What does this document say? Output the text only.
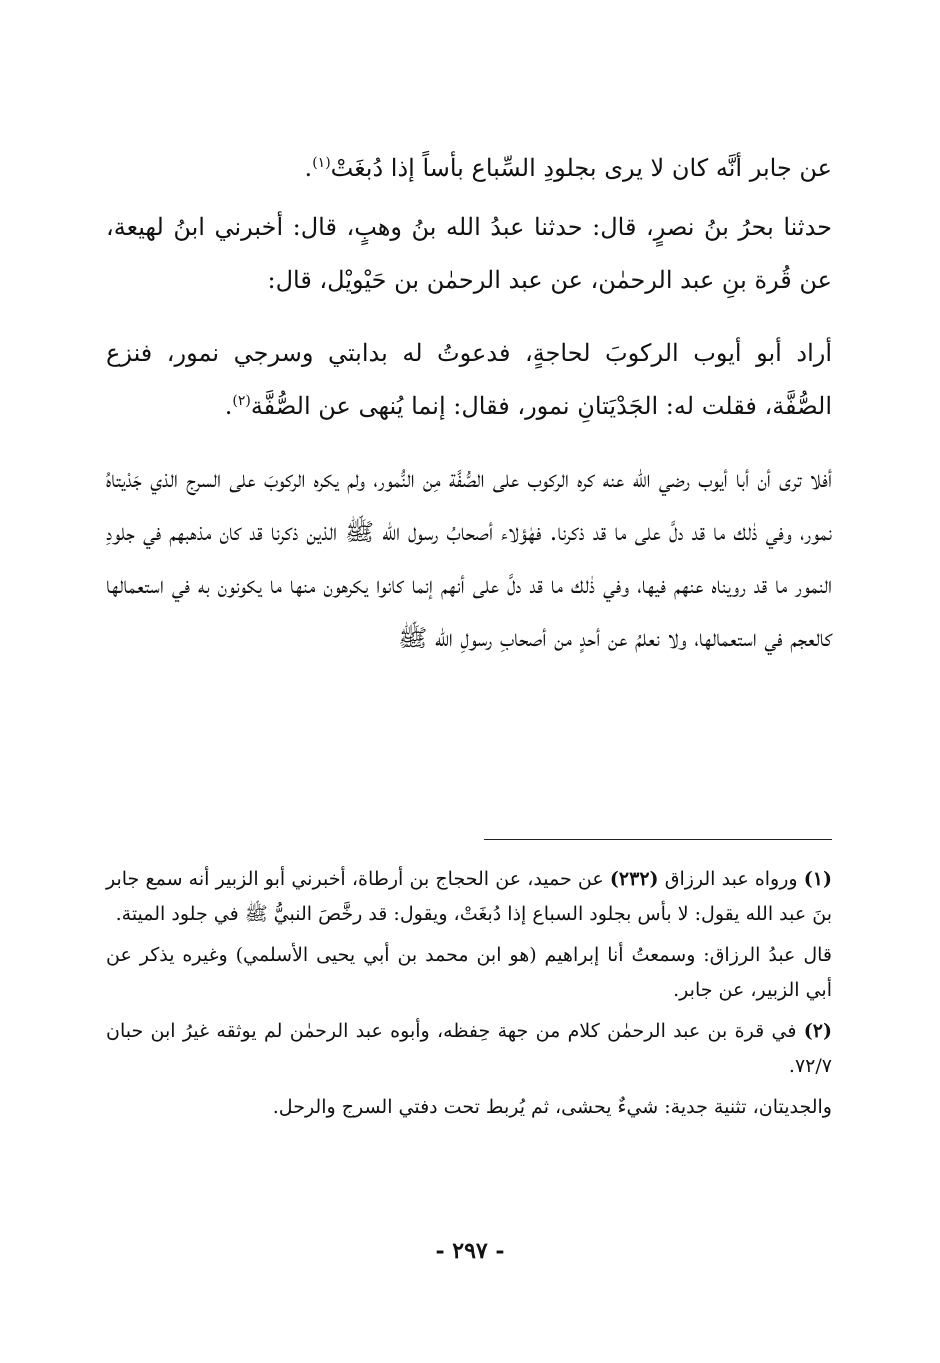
عن جابر أنَّه كان لا يرى بجلودِ السِّباع بأساً إذا دُبغَتْ$^{(١)}$.

حدثنا بحرُ بنُ نصرٍ، قال: حدثنا عبدُ الله بنُ وهبٍ، قال: أخبرني ابنُ لهيعة، عن قُرة بنِ عبد الرحمٰن، عن عبد الرحمٰن بن حَيْويْل، قال:

أراد أبو أيوب الركوبَ لحاجةٍ، فدعوتُ له بدابتي وسرجي نمور، فنزع الصُّفَّة، فقلت له: الجَدْيَتانِ نمور، فقال: إنما يُنهى عن الصُّفَّة$^{(٢)}$.

أفلا ترى أن أبا أيوب رضي الله عنه كره الركوب على الصُّفَّة مِن النُّمور، ولم يكره الركوبَ على السرج الذي جَدْيتاهُ نمور، وفي ذٰلك ما قد دلَّ على ما قد ذكرنا. فهٰؤلاء أصحابُ رسول الله ﷺ الذين ذكرنا قد كان مذهبهم في جلودِ النمور ما قد رويناه عنهم فيها، وفي ذٰلك ما قد دلَّ على أنهم إنما كانوا يكرهون منها ما يكونون به في استعمالها كالعجم في استعمالها، ولا نعلمُ عن أحدٍ من أصحابِ رسولِ الله ﷺ

(١) ورواه عبد الرزاق (٢٣٢) عن حميد، عن الحجاج بن أرطاة، أخبرني أبو الزبير أنه سمع جابر بنَ عبد الله يقول: لا بأس بجلود السباع إذا دُبغَتْ، ويقول: قد رخَّصَ النبيُّ ﷺ في جلود الميتة.

قال عبدُ الرزاق: وسمعتُ أنا إبراهيم (هو ابن محمد بن أبي يحيى الأسلمي) وغيره يذكر عن أبي الزبير، عن جابر.

(٢) في قرة بن عبد الرحمٰن كلام من جهة حِفظه، وأبوه عبد الرحمٰن لم يوثقه غيرُ ابن حبان ٧٢/٧.

والجديتان، تثنية جدية: شيءٌ يحشى، ثم يُربط تحت دفتي السرج والرحل.

- ٢٩٧ -
